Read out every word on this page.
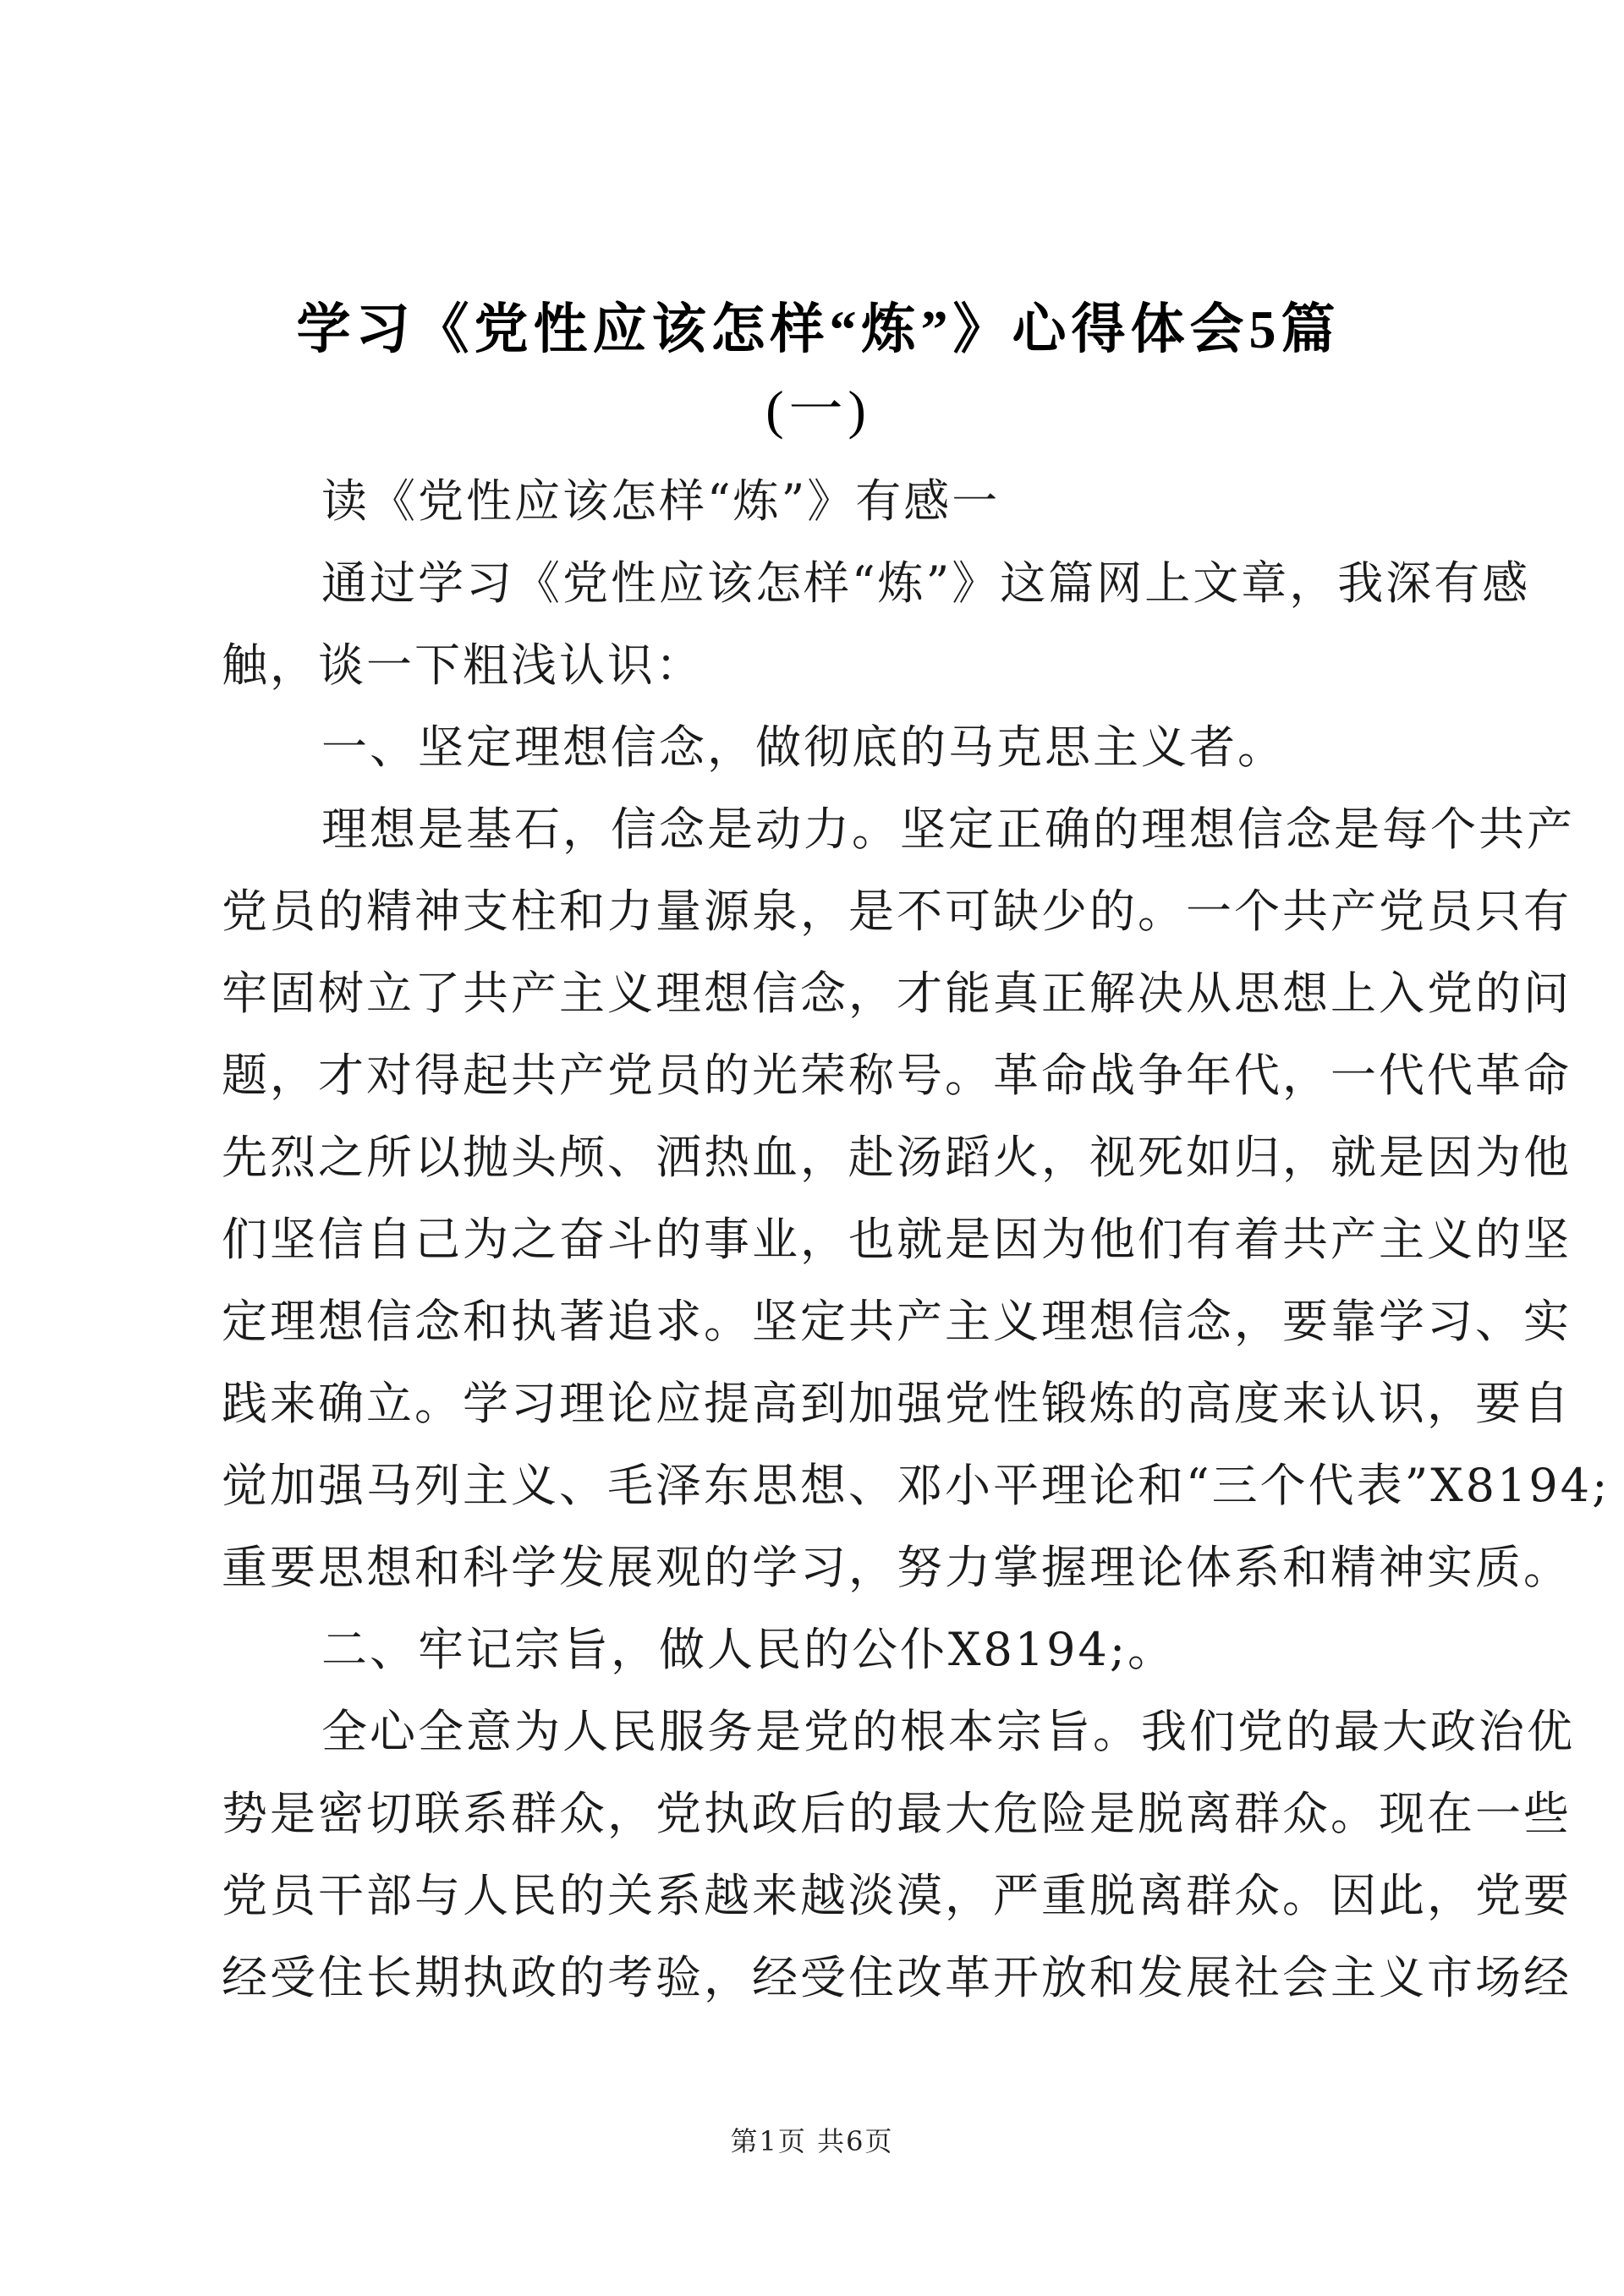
学习《党性应该怎样“炼”》心得体会5篇
(一)
读《党性应该怎样“炼”》有感一
通过学习《党性应该怎样“炼”》这篇网上文章，我深有感
触，谈一下粗浅认识：
一、坚定理想信念，做彻底的马克思主义者。
理想是基石，信念是动力。坚定正确的理想信念是每个共产
党员的精神支柱和力量源泉，是不可缺少的。一个共产党员只有
牢固树立了共产主义理想信念，才能真正解决从思想上入党的问
题，才对得起共产党员的光荣称号。革命战争年代，一代代革命
先烈之所以抛头颅、洒热血，赴汤蹈火，视死如归，就是因为他
们坚信自己为之奋斗的事业，也就是因为他们有着共产主义的坚
定理想信念和执著追求。坚定共产主义理想信念，要靠学习、实
践来确立。学习理论应提高到加强党性锻炼的高度来认识，要自
觉加强马列主义、毛泽东思想、邓小平理论和“三个代表”X8194;
重要思想和科学发展观的学习，努力掌握理论体系和精神实质。
二、牢记宗旨，做人民的公仆X8194;。
全心全意为人民服务是党的根本宗旨。我们党的最大政治优
势是密切联系群众，党执政后的最大危险是脱离群众。现在一些
党员干部与人民的关系越来越淡漠，严重脱离群众。因此，党要
经受住长期执政的考验，经受住改革开放和发展社会主义市场经
第1页 共6页
